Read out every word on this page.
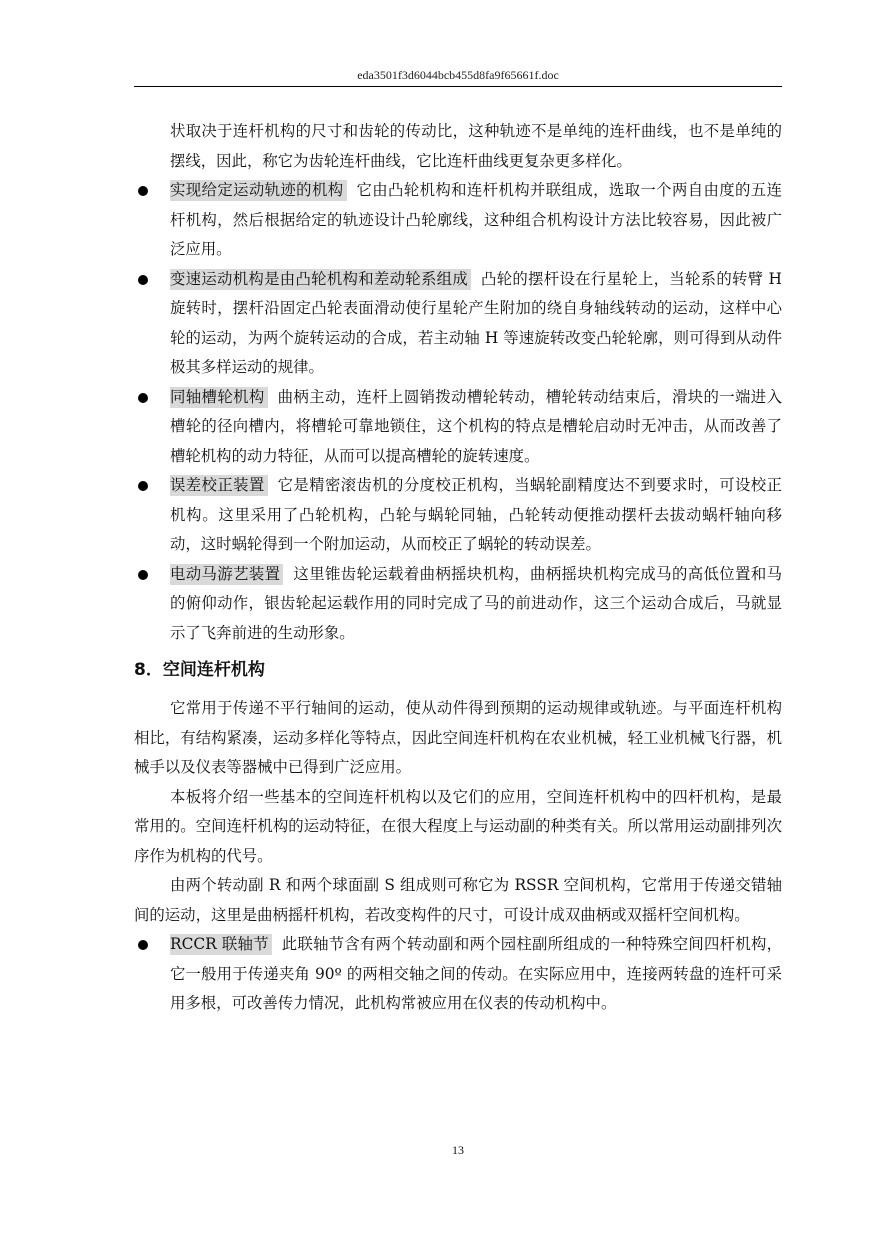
eda3501f3d6044bcb455d8fa9f65661f.doc

状取决于连杆机构的尺寸和齿轮的传动比，这种轨迹不是单纯的连杆曲线，也不是单纯的摆线，因此，称它为齿轮连杆曲线，它比连杆曲线更复杂更多样化。

实现给定运动轨迹的机构 它由凸轮机构和连杆机构并联组成，选取一个两自由度的五连杆机构，然后根据给定的轨迹设计凸轮廓线，这种组合机构设计方法比较容易，因此被广泛应用。

变速运动机构是由凸轮机构和差动轮系组成 凸轮的摆杆设在行星轮上，当轮系的转臂 H 旋转时，摆杆沿固定凸轮表面滑动使行星轮产生附加的绕自身轴线转动的运动，这样中心轮的运动，为两个旋转运动的合成，若主动轴 H 等速旋转改变凸轮轮廓，则可得到从动件极其多样运动的规律。

同轴槽轮机构 曲柄主动，连杆上圆销拨动槽轮转动，槽轮转动结束后，滑块的一端进入槽轮的径向槽内，将槽轮可靠地锁住，这个机构的特点是槽轮启动时无冲击，从而改善了槽轮机构的动力特征，从而可以提高槽轮的旋转速度。

误差校正装置 它是精密滚齿机的分度校正机构，当蜗轮副精度达不到要求时，可设校正机构。这里采用了凸轮机构，凸轮与蜗轮同轴，凸轮转动便推动摆杆去拔动蜗杆轴向移动，这时蜗轮得到一个附加运动，从而校正了蜗轮的转动误差。

电动马游艺装置 这里锥齿轮运载着曲柄摇块机构，曲柄摇块机构完成马的高低位置和马的俯仰动作，银齿轮起运载作用的同时完成了马的前进动作，这三个运动合成后，马就显示了飞奔前进的生动形象。

8．空间连杆机构

它常用于传递不平行轴间的运动，使从动件得到预期的运动规律或轨迹。与平面连杆机构相比，有结构紧凑，运动多样化等特点，因此空间连杆机构在农业机械，轻工业机械飞行器，机械手以及仪表等器械中已得到广泛应用。

本板将介绍一些基本的空间连杆机构以及它们的应用，空间连杆机构中的四杆机构，是最常用的。空间连杆机构的运动特征，在很大程度上与运动副的种类有关。所以常用运动副排列次序作为机构的代号。

由两个转动副 R 和两个球面副 S 组成则可称它为 RSSR 空间机构，它常用于传递交错轴间的运动，这里是曲柄摇杆机构，若改变构件的尺寸，可设计成双曲柄或双摇杆空间机构。

RCCR 联轴节 此联轴节含有两个转动副和两个园柱副所组成的一种特殊空间四杆机构，它一般用于传递夹角 90º 的两相交轴之间的传动。在实际应用中，连接两转盘的连杆可采用多根，可改善传力情况，此机构常被应用在仪表的传动机构中。

13
